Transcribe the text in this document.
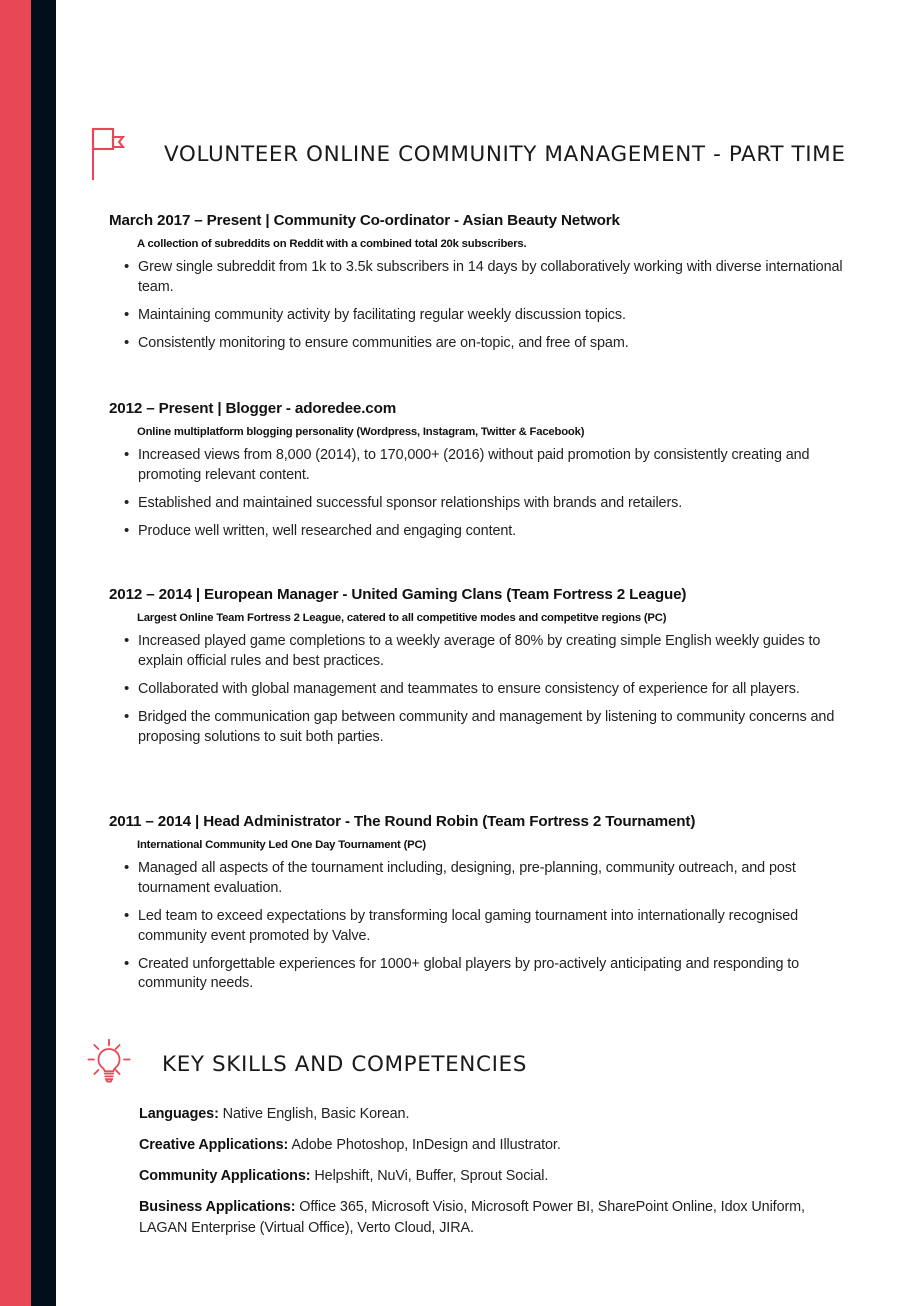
VOLUNTEER ONLINE COMMUNITY MANAGEMENT - PART TIME
March 2017 – Present | Community Co-ordinator - Asian Beauty Network
A collection of subreddits on Reddit with a combined total 20k subscribers.
• Grew single subreddit from 1k to 3.5k subscribers in 14 days by collaboratively working with diverse international team.
• Maintaining community activity by facilitating regular weekly discussion topics.
• Consistently monitoring to ensure communities are on-topic, and free of spam.
2012 – Present | Blogger - adoredee.com
Online multiplatform blogging personality (Wordpress, Instagram, Twitter & Facebook)
• Increased views from 8,000 (2014), to 170,000+ (2016) without paid promotion by consistently creating and promoting relevant content.
• Established and maintained successful sponsor relationships with brands and retailers.
• Produce well written, well researched and engaging content.
2012 – 2014 | European Manager - United Gaming Clans (Team Fortress 2 League)
Largest Online Team Fortress 2 League, catered to all competitive modes and competitve regions (PC)
• Increased played game completions to a weekly average of 80% by creating simple English weekly guides to explain official rules and best practices.
• Collaborated with global management and teammates to ensure consistency of experience for all players.
• Bridged the communication gap between community and management by listening to community concerns and proposing solutions to suit both parties.
2011 – 2014 | Head Administrator - The Round Robin (Team Fortress 2 Tournament)
International Community Led One Day Tournament (PC)
• Managed all aspects of the tournament including, designing, pre-planning, community outreach, and post tournament evaluation.
• Led team to exceed expectations by transforming local gaming tournament into internationally recognised community event promoted by Valve.
• Created unforgettable experiences for 1000+ global players by pro-actively anticipating and responding to community needs.
KEY SKILLS AND COMPETENCIES
Languages: Native English, Basic Korean.
Creative Applications: Adobe Photoshop, InDesign and Illustrator.
Community Applications: Helpshift, NuVi, Buffer, Sprout Social.
Business Applications: Office 365, Microsoft Visio, Microsoft Power BI, SharePoint Online, Idox Uniform, LAGAN Enterprise (Virtual Office), Verto Cloud, JIRA.
